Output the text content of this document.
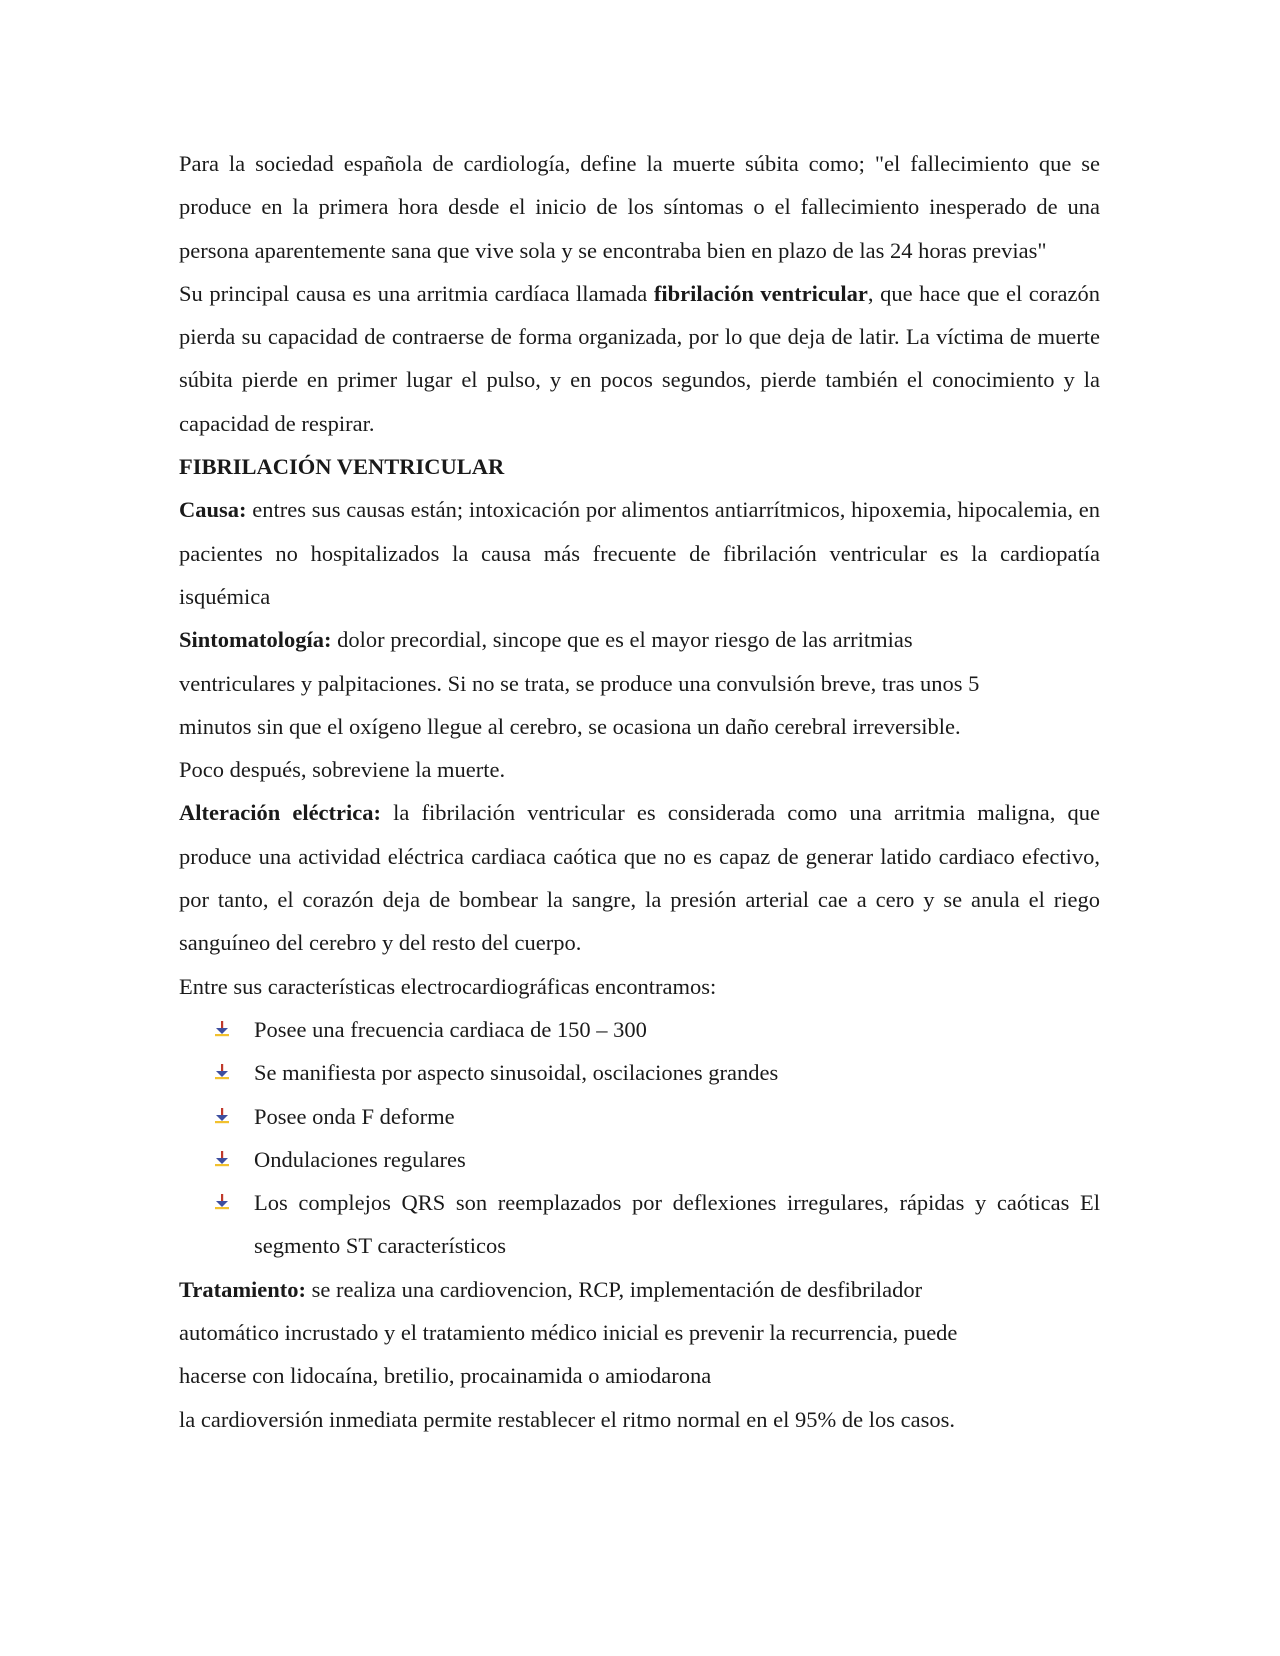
Para la sociedad española de cardiología, define la muerte súbita como; "el fallecimiento que se produce en la primera hora desde el inicio de los síntomas o el fallecimiento inesperado de una persona aparentemente sana que vive sola y se encontraba bien en plazo de las 24 horas previas"

Su principal causa es una arritmia cardíaca llamada fibrilación ventricular, que hace que el corazón pierda su capacidad de contraerse de forma organizada, por lo que deja de latir. La víctima de muerte súbita pierde en primer lugar el pulso, y en pocos segundos, pierde también el conocimiento y la capacidad de respirar.

FIBRILACIÓN VENTRICULAR

Causa: entres sus causas están; intoxicación por alimentos antiarrítmicos, hipoxemia, hipocalemia, en pacientes no hospitalizados la causa más frecuente de fibrilación ventricular es la cardiopatía isquémica

Sintomatología: dolor precordial, sincope que es el mayor riesgo de las arritmias
ventriculares y palpitaciones. Si no se trata, se produce una convulsión breve, tras unos 5
minutos sin que el oxígeno llegue al cerebro, se ocasiona un daño cerebral irreversible.
Poco después, sobreviene la muerte.

Alteración eléctrica: la fibrilación ventricular es considerada como una arritmia maligna, que produce una actividad eléctrica cardiaca caótica que no es capaz de generar latido cardiaco efectivo, por tanto, el corazón deja de bombear la sangre, la presión arterial cae a cero y se anula el riego sanguíneo del cerebro y del resto del cuerpo.

Entre sus características electrocardiográficas encontramos:

Posee una frecuencia cardiaca de 150 – 300
Se manifiesta por aspecto sinusoidal, oscilaciones grandes
Posee onda F deforme
Ondulaciones regulares
Los complejos QRS son reemplazados por deflexiones irregulares, rápidas y caóticas El segmento ST característicos
Tratamiento: se realiza una cardiovencion, RCP, implementación de desfibrilador
automático incrustado y el tratamiento médico inicial es prevenir la recurrencia, puede
hacerse con lidocaína, bretilio, procainamida o amiodarona
la cardioversión inmediata permite restablecer el ritmo normal en el 95% de los casos.
